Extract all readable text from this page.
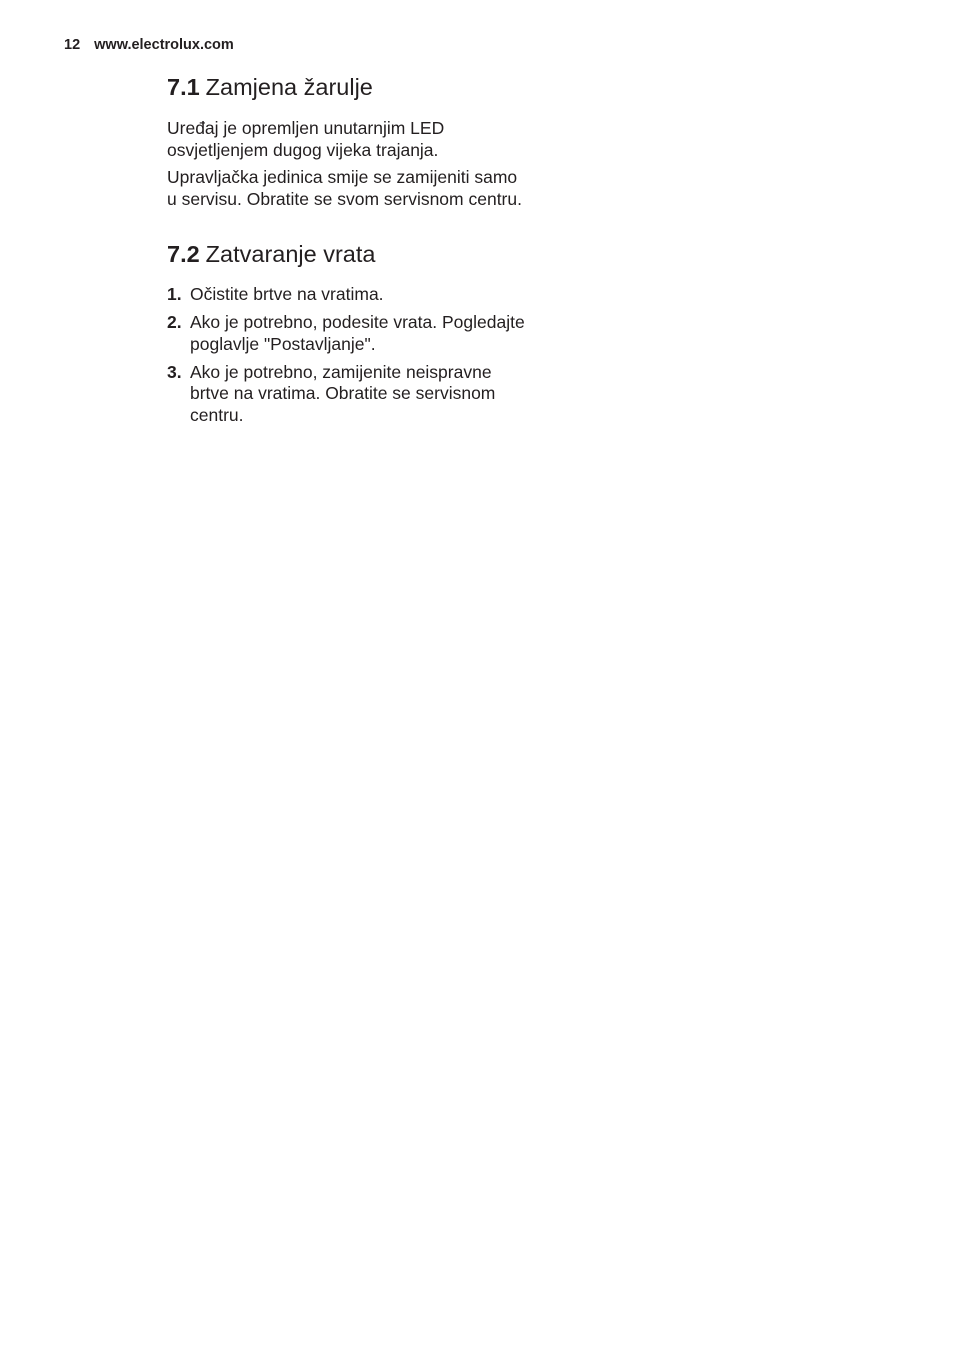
12 www.electrolux.com
7.1 Zamjena žarulje

Uređaj je opremljen unutarnjim LED osvjetljenjem dugog vijeka trajanja.

Upravljačka jedinica smije se zamijeniti samo u servisu. Obratite se svom servisnom centru.

7.2 Zatvaranje vrata
1. Očistite brtve na vratima.
2. Ako je potrebno, podesite vrata. Pogledajte poglavlje "Postavljanje".
3. Ako je potrebno, zamijenite neispravne brtve na vratima. Obratite se servisnom centru.
